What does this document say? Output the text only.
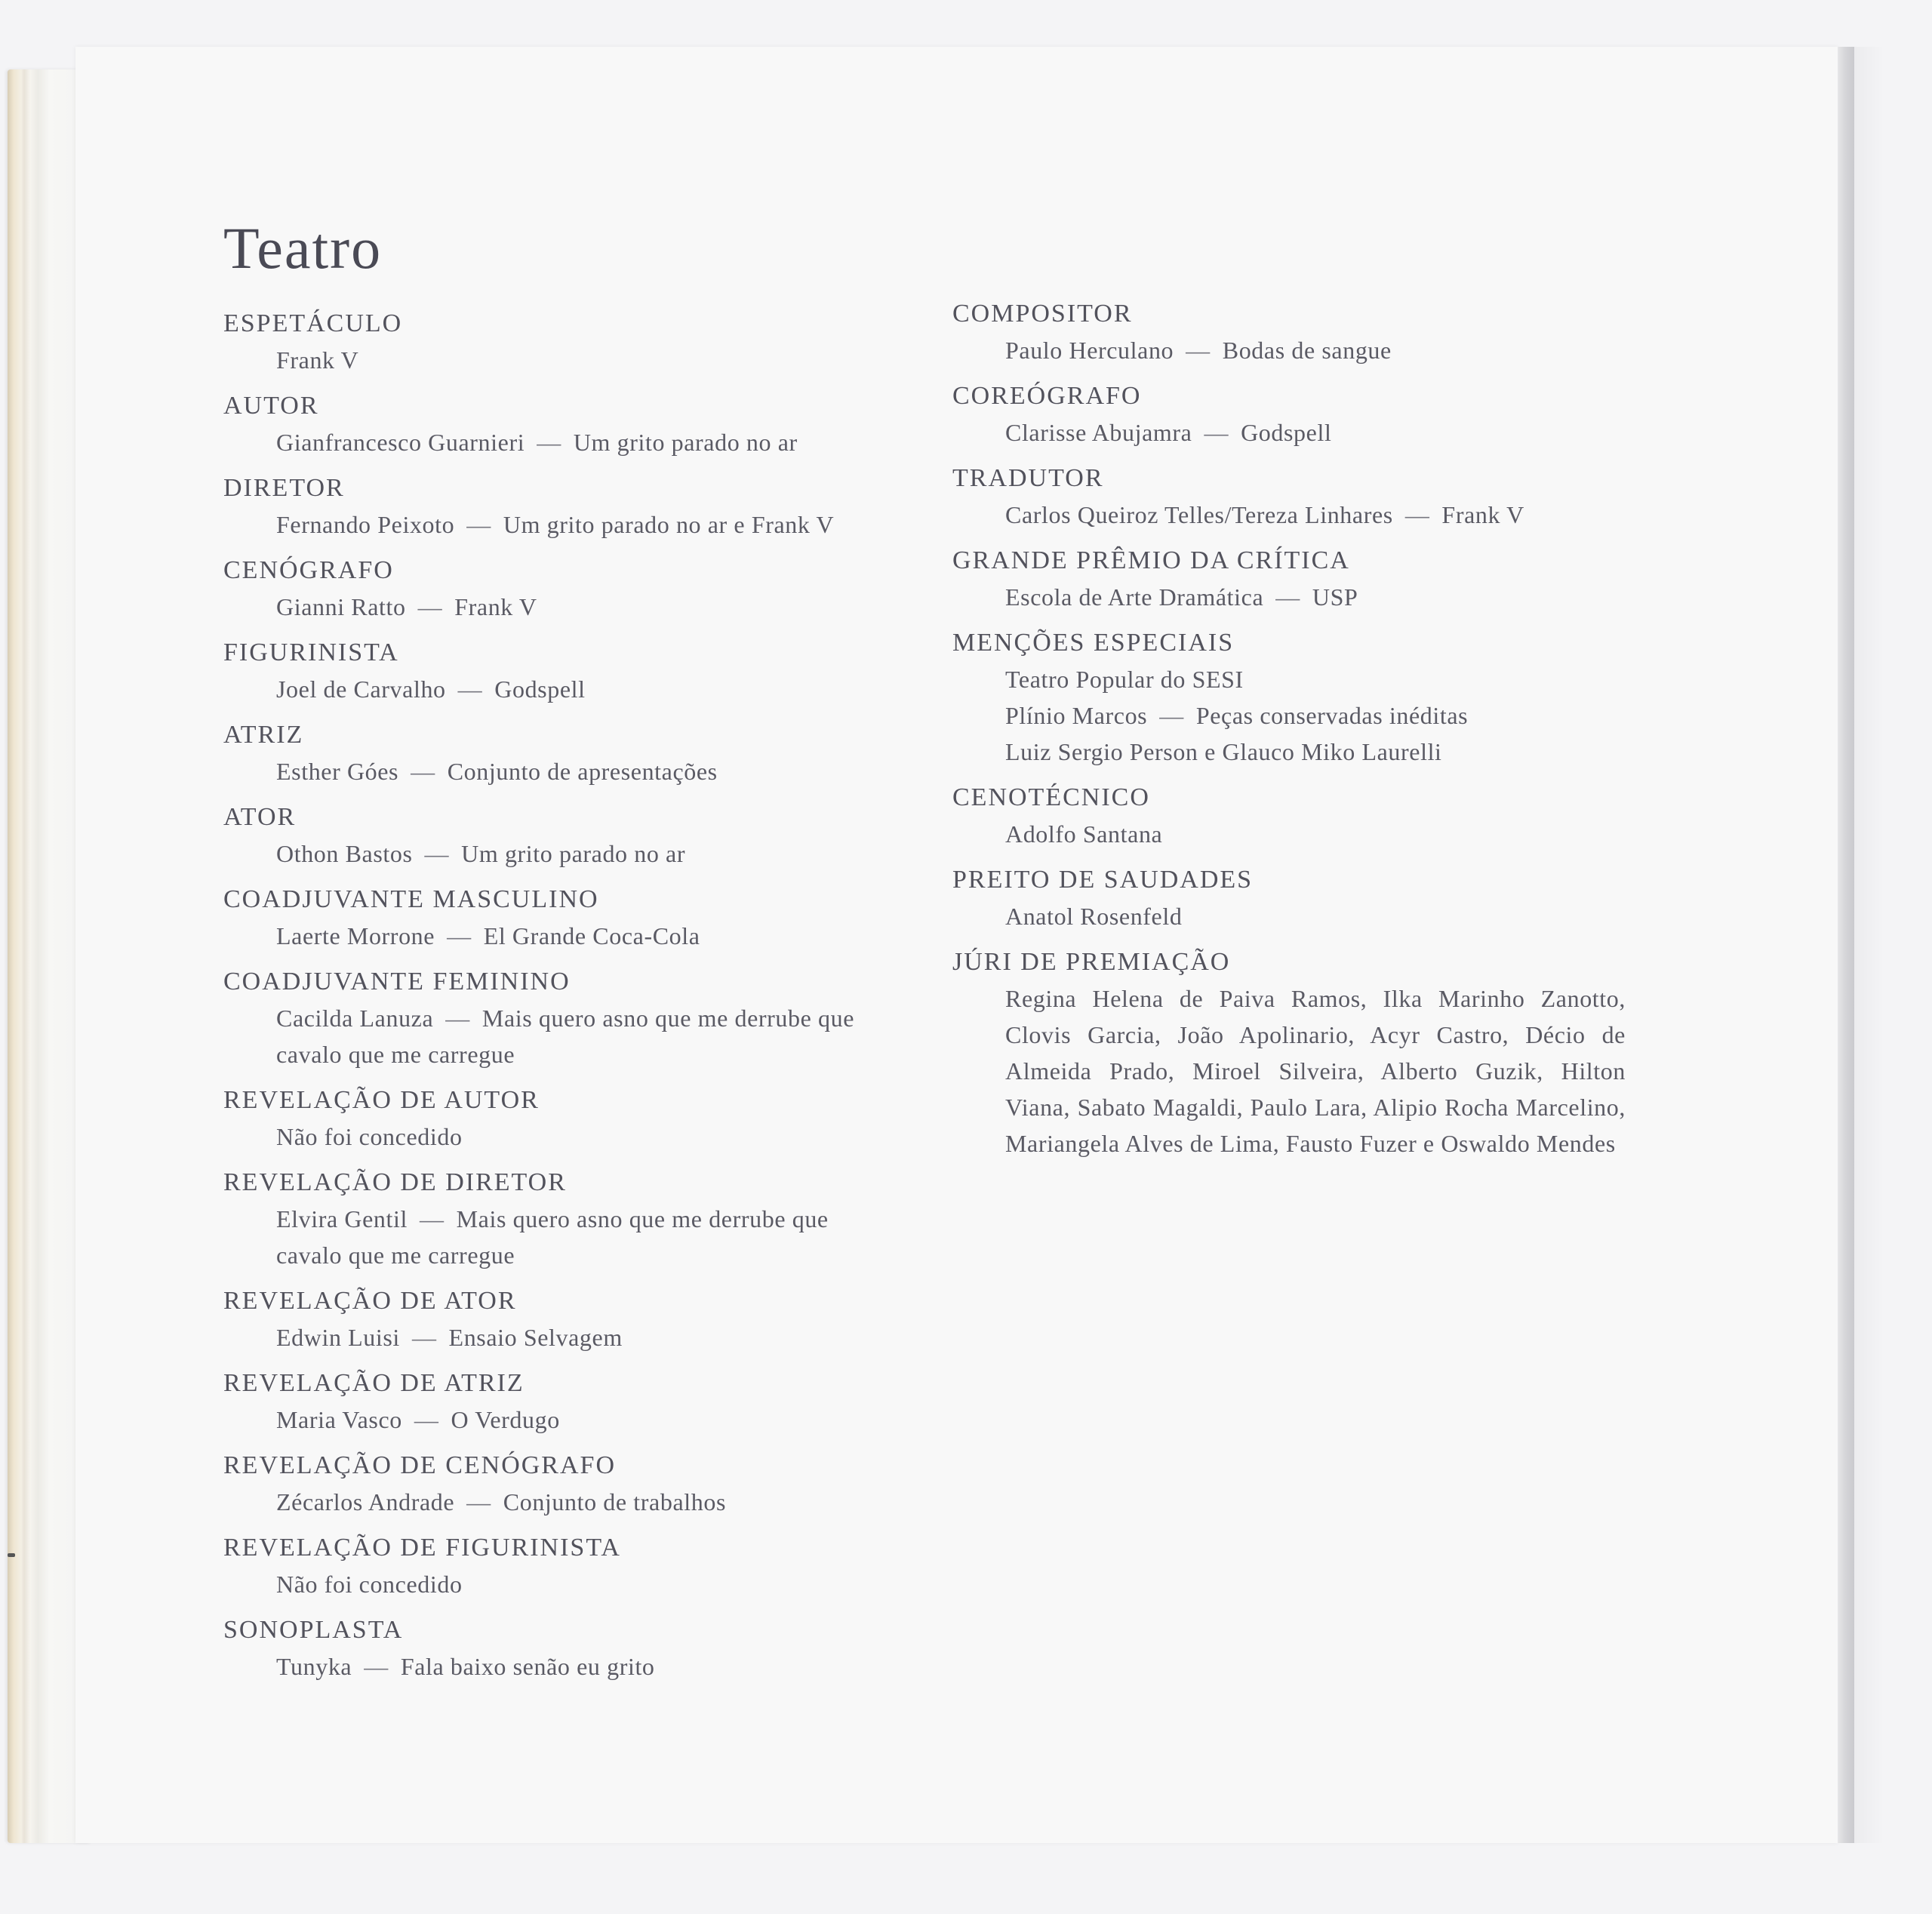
Teatro
ESPETÁCULO
Frank V
AUTOR
Gianfrancesco Guarnieri — Um grito parado no ar
DIRETOR
Fernando Peixoto — Um grito parado no ar e Frank V
CENÓGRAFO
Gianni Ratto — Frank V
FIGURINISTA
Joel de Carvalho — Godspell
ATRIZ
Esther Góes — Conjunto de apresentações
ATOR
Othon Bastos — Um grito parado no ar
COADJUVANTE MASCULINO
Laerte Morrone — El Grande Coca-Cola
COADJUVANTE FEMININO
Cacilda Lanuza — Mais quero asno que me derrube que cavalo que me carregue
REVELAÇÃO DE AUTOR
Não foi concedido
REVELAÇÃO DE DIRETOR
Elvira Gentil — Mais quero asno que me derrube que cavalo que me carregue
REVELAÇÃO DE ATOR
Edwin Luisi — Ensaio Selvagem
REVELAÇÃO DE ATRIZ
Maria Vasco — O Verdugo
REVELAÇÃO DE CENÓGRAFO
Zécarlos Andrade — Conjunto de trabalhos
REVELAÇÃO DE FIGURINISTA
Não foi concedido
SONOPLASTA
Tunyka — Fala baixo senão eu grito
COMPOSITOR
Paulo Herculano — Bodas de sangue
COREÓGRAFO
Clarisse Abujamra — Godspell
TRADUTOR
Carlos Queiroz Telles/Tereza Linhares — Frank V
GRANDE PRÊMIO DA CRÍTICA
Escola de Arte Dramática — USP
MENÇÕES ESPECIAIS
Teatro Popular do SESI
Plínio Marcos — Peças conservadas inéditas
Luiz Sergio Person e Glauco Miko Laurelli
CENOTÉCNICO
Adolfo Santana
PREITO DE SAUDADES
Anatol Rosenfeld
JÚRI DE PREMIAÇÃO
Regina Helena de Paiva Ramos, Ilka Marinho Zanotto, Clovis Garcia, João Apolinario, Acyr Castro, Décio de Almeida Prado, Miroel Silveira, Alberto Guzik, Hilton Viana, Sabato Magaldi, Paulo Lara, Alipio Rocha Marcelino, Mariangela Alves de Lima, Fausto Fuzer e Oswaldo Mendes
